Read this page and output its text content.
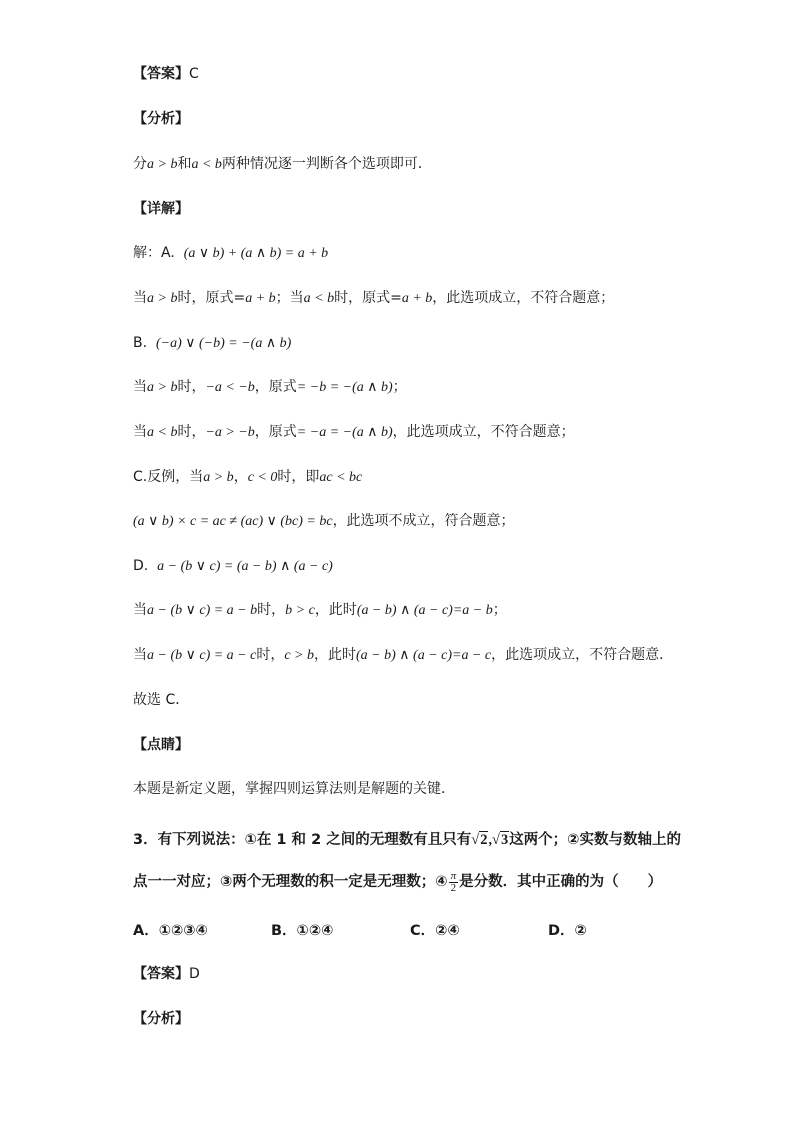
【答案】C
【分析】
分a > b和a < b两种情况逐一判断各个选项即可．
【详解】
解：A. (a ∨ b) + (a ∧ b) = a + b
当a > b时，原式=a + b；当a < b时，原式=a + b，此选项成立，不符合题意；
B. (−a) ∨ (−b) = −(a ∧ b)
当a > b时，−a < −b，原式= −b = −(a ∧ b)；
当a < b时，−a > −b，原式= −a = −(a ∧ b)，此选项成立，不符合题意；
C.反例，当a > b，c < 0时，即ac < bc
(a ∨ b) × c = ac ≠ (ac) ∨ (bc) = bc，此选项不成立，符合题意；
D. a − (b ∨ c) = (a − b) ∧ (a − c)
当a − (b ∨ c) = a − b时，b > c，此时(a − b) ∧ (a − c)=a − b；
当a − (b ∨ c) = a − c时，c > b，此时(a − b) ∧ (a − c)=a − c，此选项成立，不符合题意．
故选 C．
【点睛】
本题是新定义题，掌握四则运算法则是解题的关键．
3．有下列说法：①在 1 和 2 之间的无理数有且只有√2,√3这两个；②实数与数轴上的
点一一对应；③两个无理数的积一定是无理数；④ $\frac{\pi}{2}$ 是分数．其中正确的为（　　）
A．①②③④	B．①②④	C．②④	D．②
【答案】D
【分析】
